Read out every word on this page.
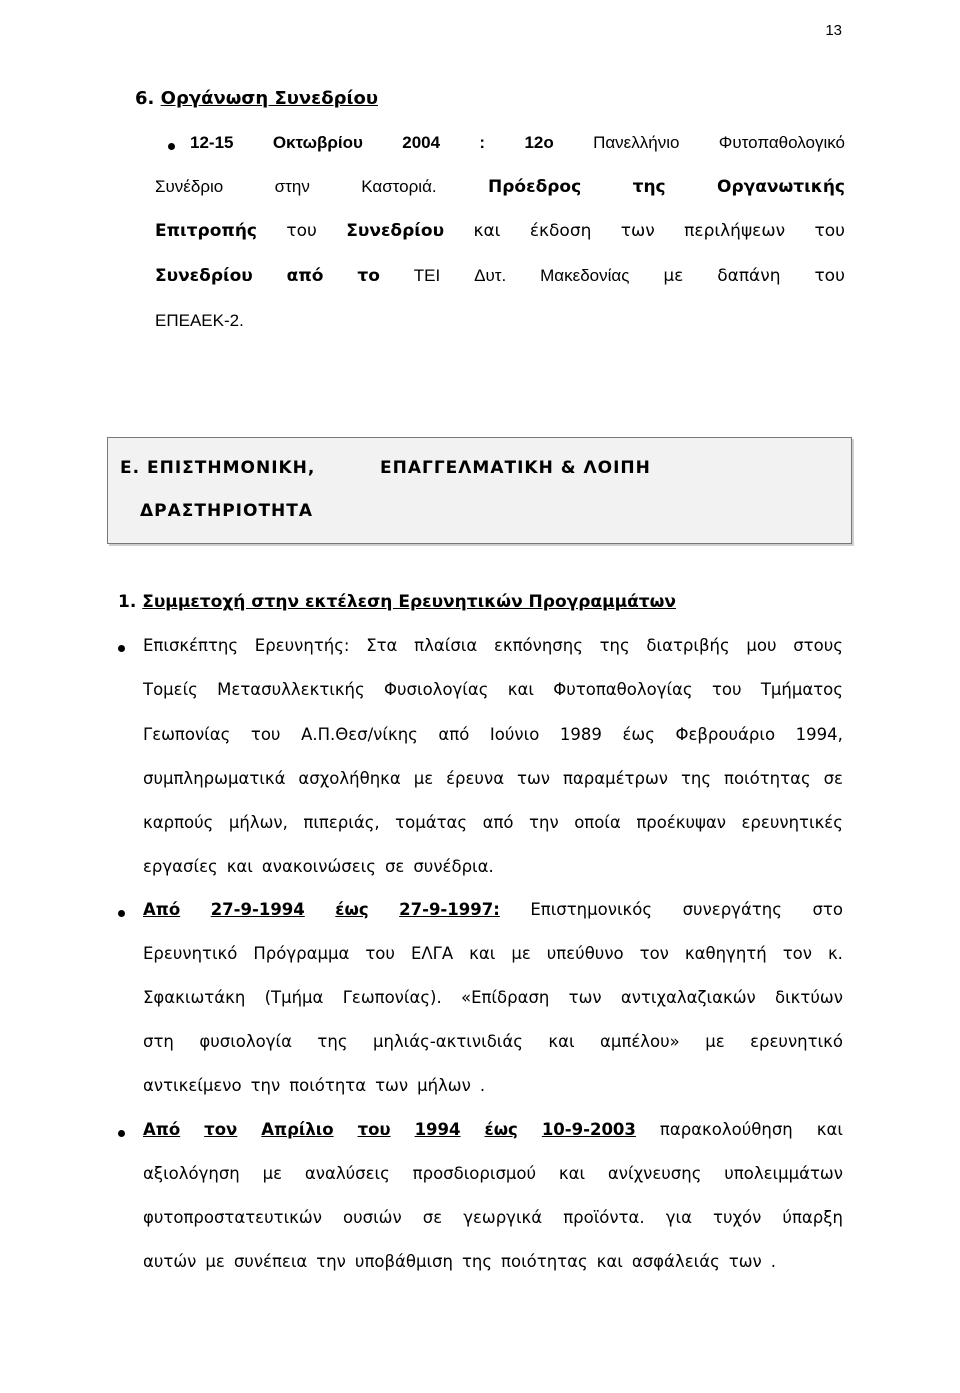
13
6. Οργάνωση Συνεδρίου
12-15 Οκτωβρίου 2004 : 12ο Πανελλήνιο Φυτοπαθολογικό
Συνέδριο	στην	Καστοριά.	Πρόεδρος	της	Οργανωτικής
Επιτροπής του Συνεδρίου και έκδοση των περιλήψεων του
Συνεδρίου από το ΤΕΙ Δυτ. Μακεδονίας με δαπάνη του
ΕΠΕΑΕΚ-2.
Ε. ΕΠΙΣΤΗΜΟΝΙΚΗ,	ΕΠΑΓΓΕΛΜΑΤΙΚΗ & ΛΟΙΠΗ
ΔΡΑΣΤΗΡΙΟΤΗΤΑ
1. Συμμετοχή στην εκτέλεση Ερευνητικών Προγραμμάτων
Επισκέπτης Ερευνητής: Στα πλαίσια εκπόνησης της διατριβής μου στους
Τομείς Μετασυλλεκτικής Φυσιολογίας και Φυτοπαθολογίας του Τμήματος
Γεωπονίας του Α.Π.Θεσ/νίκης από Ιούνιο 1989 έως Φεβρουάριο 1994,
συμπληρωματικά ασχολήθηκα με έρευνα των παραμέτρων της ποιότητας σε
καρπούς μήλων, πιπεριάς, τομάτας από την οποία προέκυψαν ερευνητικές
εργασίες και ανακοινώσεις σε συνέδρια.
Από 27-9-1994 έως 27-9-1997: Επιστημονικός συνεργάτης στο
Ερευνητικό Πρόγραμμα του ΕΛΓΑ και με υπεύθυνο τον καθηγητή τον κ.
Σφακιωτάκη (Τμήμα Γεωπονίας). «Επίδραση των αντιχαλαζιακών δικτύων
στη φυσιολογία της μηλιάς-ακτινιδιάς και αμπέλου» με ερευνητικό
αντικείμενο την ποιότητα των μήλων .
Από τον Απρίλιο του 1994 έως 10-9-2003 παρακολούθηση και
αξιολόγηση με αναλύσεις προσδιορισμού και ανίχνευσης υπολειμμάτων
φυτοπροστατευτικών ουσιών σε γεωργικά προϊόντα. για τυχόν ύπαρξη
αυτών με συνέπεια την υποβάθμιση της ποιότητας και ασφάλειάς των .
